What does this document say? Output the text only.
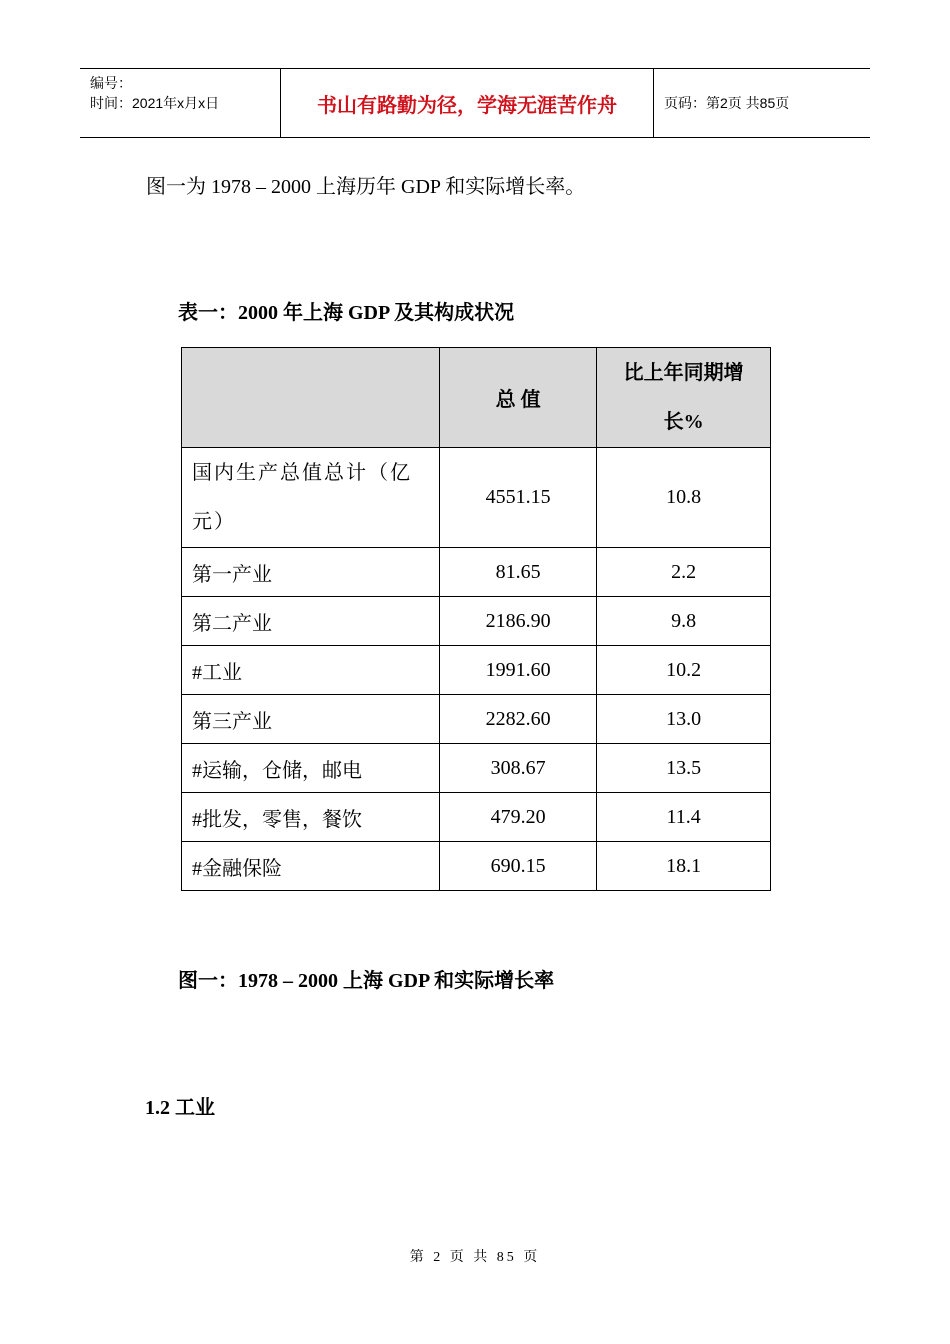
编号：
时间：2021年x月x日	书山有路勤为径，学海无涯苦作舟	页码：第2页 共85页
图一为 1978 – 2000 上海历年 GDP 和实际增长率。
表一：2000 年上海 GDP 及其构成状况
	总 值	比上年同期增长%

国内生产总值总计（亿元）	4551.15	10.8
第一产业	81.65	2.2
第二产业	2186.90	9.8
#工业	1991.60	10.2
第三产业	2282.60	13.0
#运输，仓储，邮电	308.67	13.5
#批发，零售，餐饮	479.20	11.4
#金融保险	690.15	18.1
图一：1978 – 2000 上海 GDP 和实际增长率
1.2 工业
第 2 页 共 85 页
